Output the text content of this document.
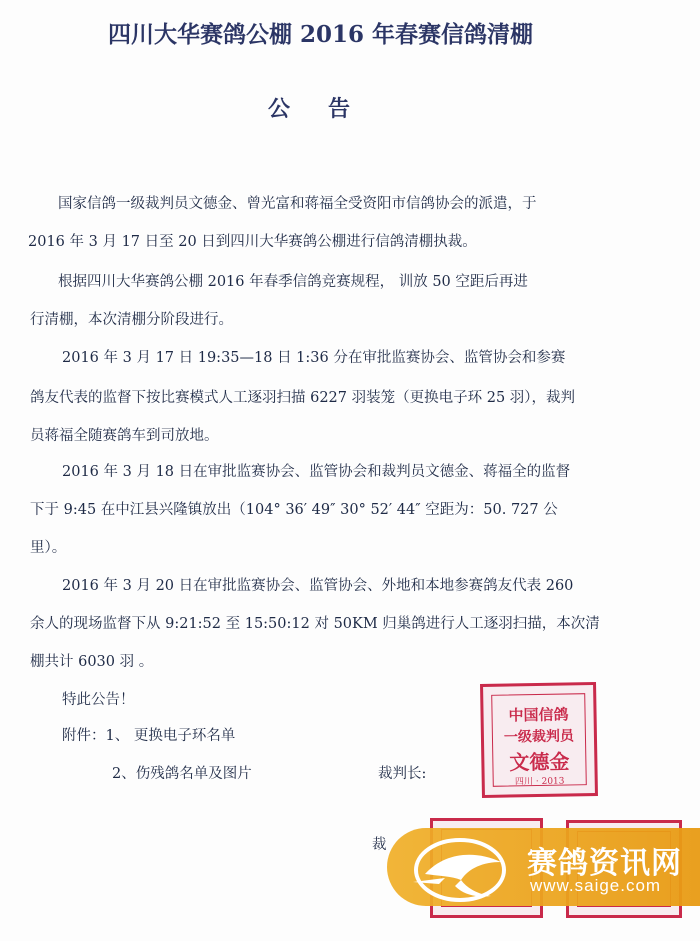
四川大华赛鸽公棚 2016 年春赛信鸽清棚
公告
国家信鸽一级裁判员文德金、曾光富和蒋福全受资阳市信鸽协会的派遣，于
2016 年 3 月 17 日至 20 日到四川大华赛鸽公棚进行信鸽清棚执裁。
根据四川大华赛鸽公棚 2016 年春季信鸽竞赛规程， 训放 50 空距后再进
行清棚，本次清棚分阶段进行。
2016 年 3 月 17 日 19:35—18 日 1:36 分在审批监赛协会、监管协会和参赛
鸽友代表的监督下按比赛模式人工逐羽扫描 6227 羽装笼（更换电子环 25 羽），裁判
员蒋福全随赛鸽车到司放地。
2016 年 3 月 18 日在审批监赛协会、监管协会和裁判员文德金、蒋福全的监督
下于 9:45 在中江县兴隆镇放出（104° 36′ 49″ 30° 52′ 44″ 空距为：50. 727 公
里）。
2016 年 3 月 20 日在审批监赛协会、监管协会、外地和本地参赛鸽友代表 260
余人的现场监督下从 9:21:52 至 15:50:12 对 50KM 归巢鸽进行人工逐羽扫描，本次清
棚共计 6030 羽 。
特此公告！
附件：1、 更换电子环名单
2、伤残鸽名单及图片	裁判长:
裁
中国信鸽
一级裁判员
文德金
四川 · 2013
赛鸽资讯网
www.saige.com
